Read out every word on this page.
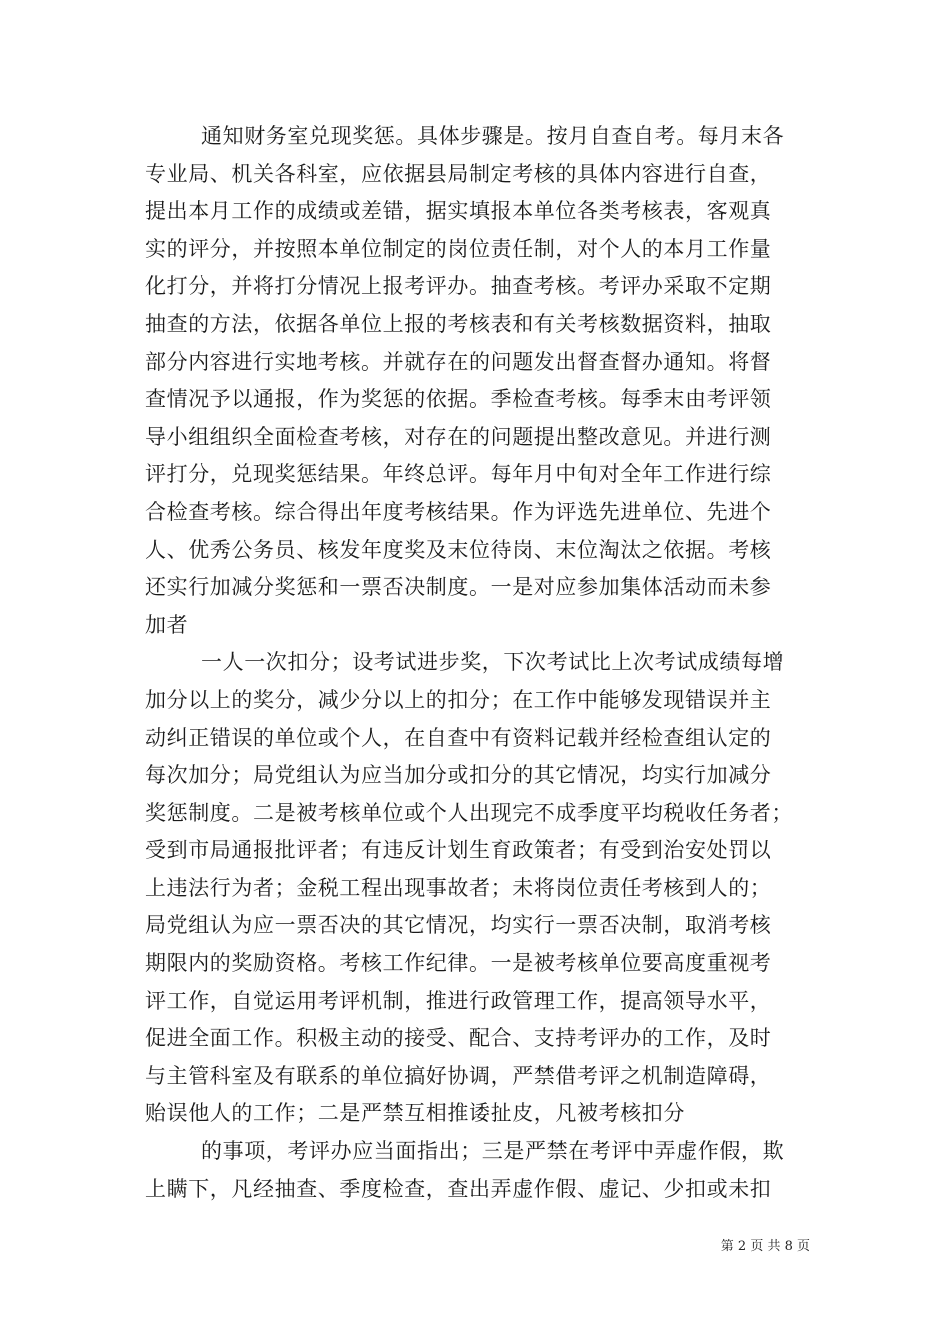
通知财务室兑现奖惩。具体步骤是。按月自查自考。每月末各
专业局、机关各科室，应依据县局制定考核的具体内容进行自查，
提出本月工作的成绩或差错，据实填报本单位各类考核表，客观真
实的评分，并按照本单位制定的岗位责任制，对个人的本月工作量
化打分，并将打分情况上报考评办。抽查考核。考评办采取不定期
抽查的方法，依据各单位上报的考核表和有关考核数据资料，抽取
部分内容进行实地考核。并就存在的问题发出督查督办通知。将督
查情况予以通报，作为奖惩的依据。季检查考核。每季末由考评领
导小组组织全面检查考核，对存在的问题提出整改意见。并进行测
评打分，兑现奖惩结果。年终总评。每年月中旬对全年工作进行综
合检查考核。综合得出年度考核结果。作为评选先进单位、先进个
人、优秀公务员、核发年度奖及末位待岗、末位淘汰之依据。考核
还实行加减分奖惩和一票否决制度。一是对应参加集体活动而未参
加者
一人一次扣分；设考试进步奖，下次考试比上次考试成绩每增
加分以上的奖分，减少分以上的扣分；在工作中能够发现错误并主
动纠正错误的单位或个人，在自查中有资料记载并经检查组认定的
每次加分；局党组认为应当加分或扣分的其它情况，均实行加减分
奖惩制度。二是被考核单位或个人出现完不成季度平均税收任务者；
受到市局通报批评者；有违反计划生育政策者；有受到治安处罚以
上违法行为者；金税工程出现事故者；未将岗位责任考核到人的；
局党组认为应一票否决的其它情况，均实行一票否决制，取消考核
期限内的奖励资格。考核工作纪律。一是被考核单位要高度重视考
评工作，自觉运用考评机制，推进行政管理工作，提高领导水平，
促进全面工作。积极主动的接受、配合、支持考评办的工作，及时
与主管科室及有联系的单位搞好协调，严禁借考评之机制造障碍，
贻误他人的工作；二是严禁互相推诿扯皮，凡被考核扣分
的事项，考评办应当面指出；三是严禁在考评中弄虚作假，欺
上瞒下，凡经抽查、季度检查，查出弄虚作假、虚记、少扣或未扣
第 2 页 共 8 页
